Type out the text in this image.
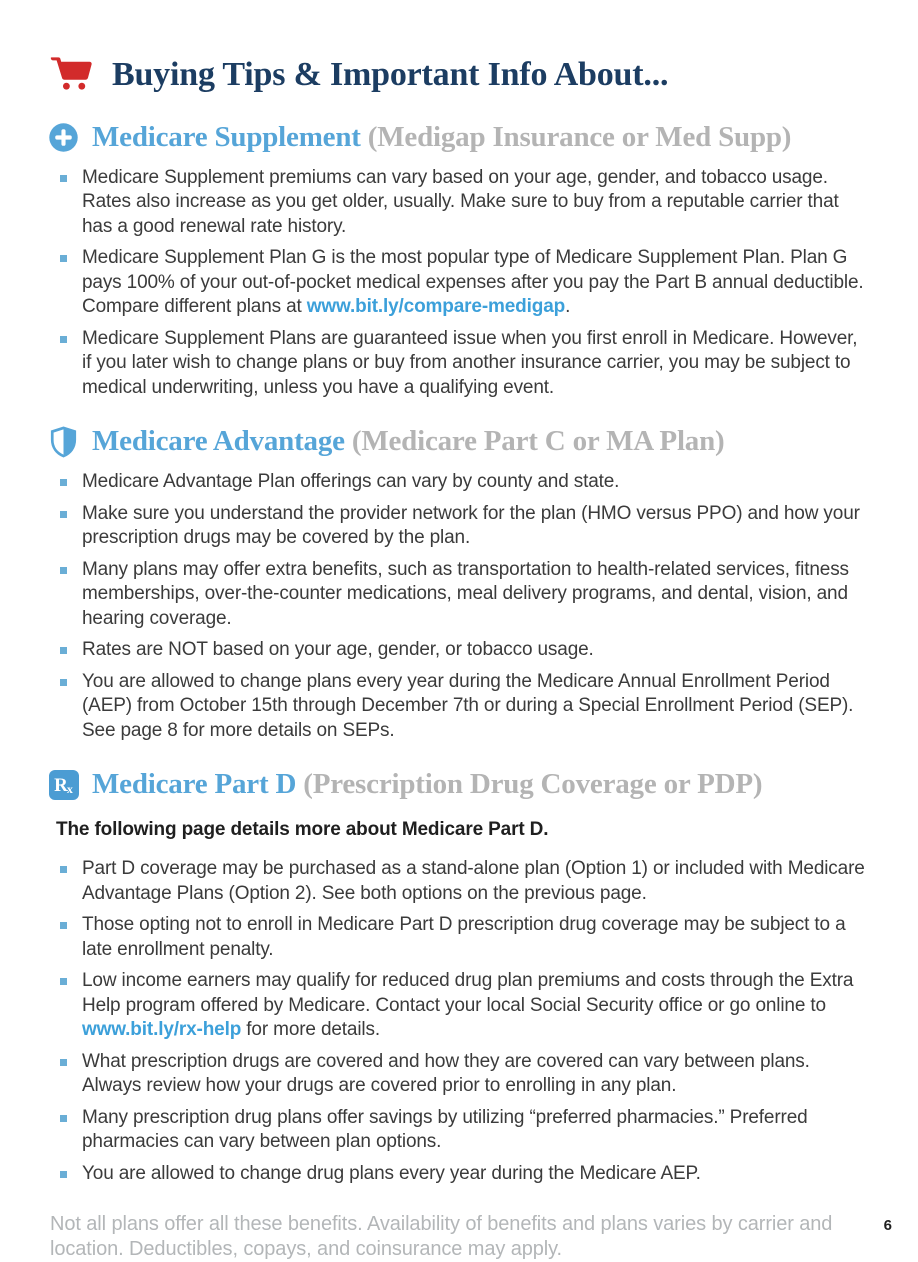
Buying Tips & Important Info About...
Medicare Supplement (Medigap Insurance or Med Supp)
Medicare Supplement premiums can vary based on your age, gender, and tobacco usage. Rates also increase as you get older, usually. Make sure to buy from a reputable carrier that has a good renewal rate history.
Medicare Supplement Plan G is the most popular type of Medicare Supplement Plan. Plan G pays 100% of your out-of-pocket medical expenses after you pay the Part B annual deductible. Compare different plans at www.bit.ly/compare-medigap.
Medicare Supplement Plans are guaranteed issue when you first enroll in Medicare. However, if you later wish to change plans or buy from another insurance carrier, you may be subject to medical underwriting, unless you have a qualifying event.
Medicare Advantage (Medicare Part C or MA Plan)
Medicare Advantage Plan offerings can vary by county and state.
Make sure you understand the provider network for the plan (HMO versus PPO) and how your prescription drugs may be covered by the plan.
Many plans may offer extra benefits, such as transportation to health-related services, fitness memberships, over-the-counter medications, meal delivery programs, and dental, vision, and hearing coverage.
Rates are NOT based on your age, gender, or tobacco usage.
You are allowed to change plans every year during the Medicare Annual Enrollment Period (AEP) from October 15th through December 7th or during a Special Enrollment Period (SEP). See page 8 for more details on SEPs.
R x Medicare Part D (Prescription Drug Coverage or PDP)

The following page details more about Medicare Part D.

Part D coverage may be purchased as a stand-alone plan (Option 1) or included with Medicare Advantage Plans (Option 2). See both options on the previous page.
Those opting not to enroll in Medicare Part D prescription drug coverage may be subject to a late enrollment penalty.
Low income earners may qualify for reduced drug plan premiums and costs through the Extra Help program offered by Medicare. Contact your local Social Security office or go online to www.bit.ly/rx-help for more details.
What prescription drugs are covered and how they are covered can vary between plans. Always review how your drugs are covered prior to enrolling in any plan.
Many prescription drug plans offer savings by utilizing “preferred pharmacies.” Preferred pharmacies can vary between plan options.
You are allowed to change drug plans every year during the Medicare AEP.

Not all plans offer all these benefits. Availability of benefits and plans varies by carrier and location. Deductibles, copays, and coinsurance may apply.

6
